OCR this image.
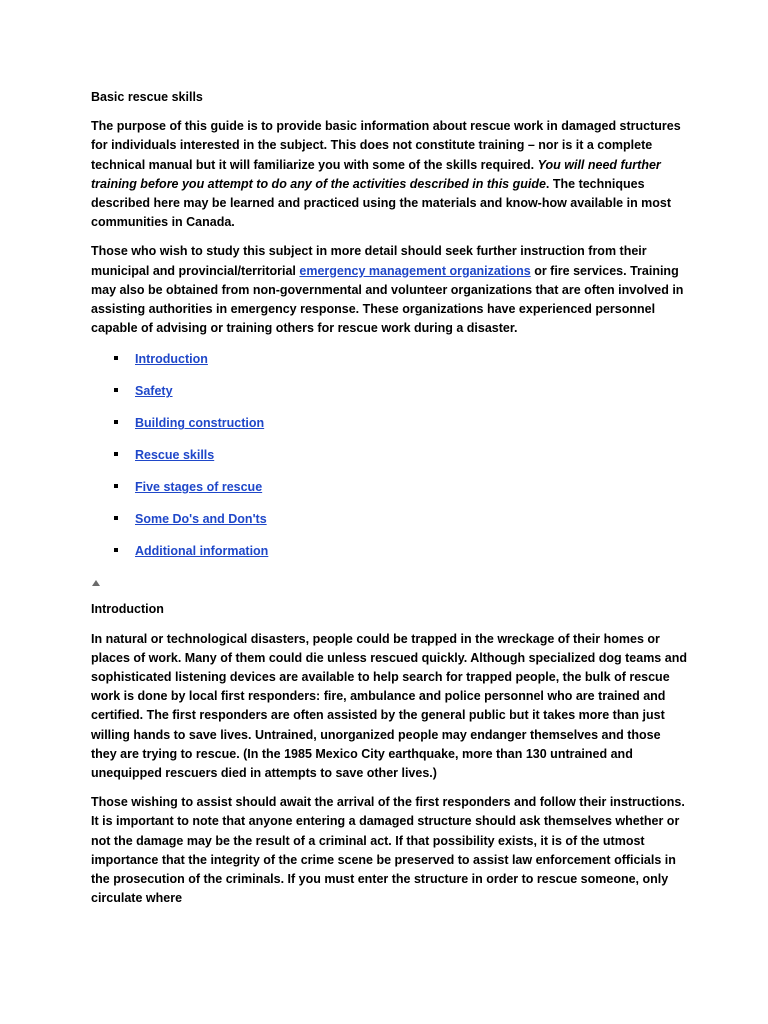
Basic rescue skills

The purpose of this guide is to provide basic information about rescue work in damaged structures for individuals interested in the subject. This does not constitute training – nor is it a complete technical manual but it will familiarize you with some of the skills required. You will need further training before you attempt to do any of the activities described in this guide. The techniques described here may be learned and practiced using the materials and know-how available in most communities in Canada.

Those who wish to study this subject in more detail should seek further instruction from their municipal and provincial/territorial emergency management organizations or fire services. Training may also be obtained from non-governmental and volunteer organizations that are often involved in assisting authorities in emergency response. These organizations have experienced personnel capable of advising or training others for rescue work during a disaster.

Introduction
Safety
Building construction
Rescue skills
Five stages of rescue
Some Do's and Don'ts
Additional information
Introduction

In natural or technological disasters, people could be trapped in the wreckage of their homes or places of work. Many of them could die unless rescued quickly. Although specialized dog teams and sophisticated listening devices are available to help search for trapped people, the bulk of rescue work is done by local first responders: fire, ambulance and police personnel who are trained and certified. The first responders are often assisted by the general public but it takes more than just willing hands to save lives. Untrained, unorganized people may endanger themselves and those they are trying to rescue. (In the 1985 Mexico City earthquake, more than 130 untrained and unequipped rescuers died in attempts to save other lives.)

Those wishing to assist should await the arrival of the first responders and follow their instructions. It is important to note that anyone entering a damaged structure should ask themselves whether or not the damage may be the result of a criminal act. If that possibility exists, it is of the utmost importance that the integrity of the crime scene be preserved to assist law enforcement officials in the prosecution of the criminals. If you must enter the structure in order to rescue someone, only circulate where
